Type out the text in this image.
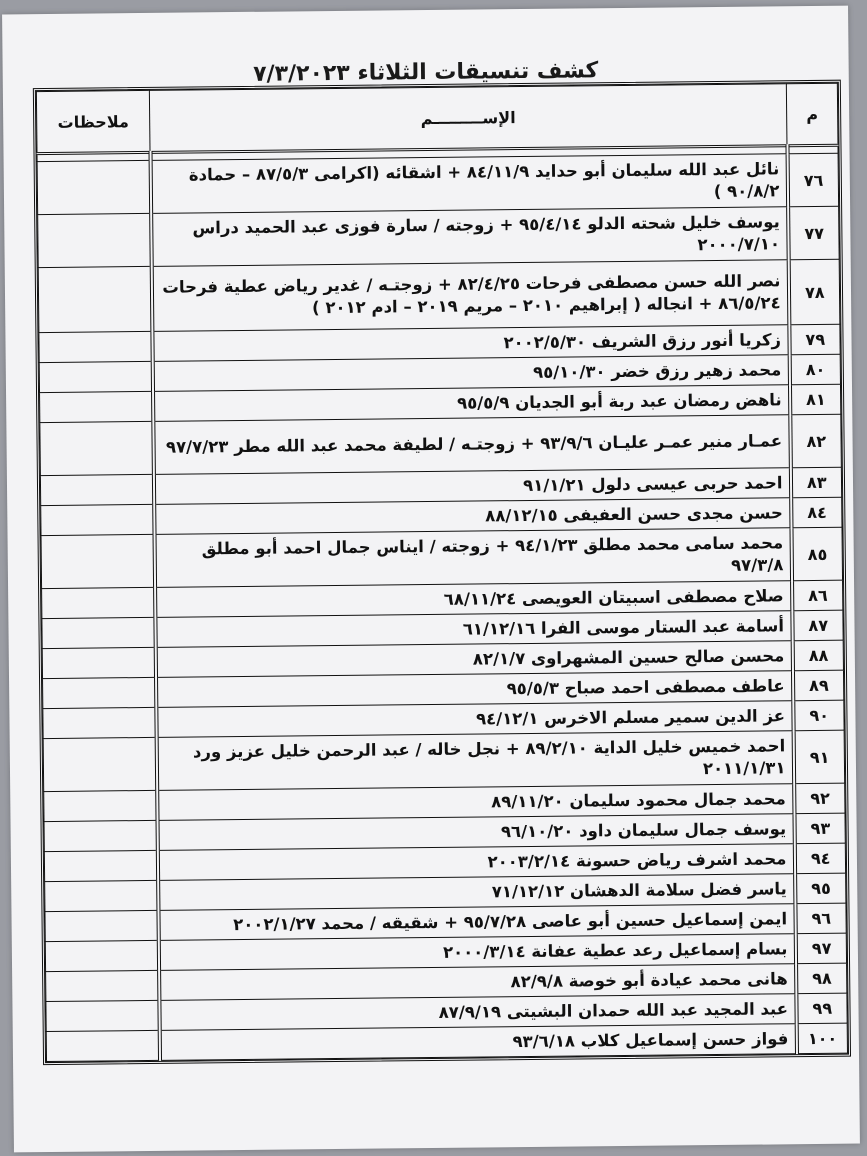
كشف تنسيقات الثلاثاء ٧/٣/٢٠٢٣
م	الإســـــــــم	ملاحظات

٧٦	نائل عبد الله سليمان أبو حدايد ٨٤/١١/٩ + اشقائه (اكرامى ٨٧/٥/٣ – حمادة ٩٠/٨/٢ )	
٧٧	يوسف خليل شحته الدلو ٩٥/٤/١٤ + زوجته / سارة فوزى عبد الحميد دراس ٢٠٠٠/٧/١٠	
٧٨	نصر الله حسن مصطفى فرحات ٨٢/٤/٢٥ + زوجتـه / غدير رياض عطية فرحات ٨٦/٥/٢٤ + انجاله ( إبراهيم ٢٠١٠ – مريم ٢٠١٩ – ادم ٢٠١٢ )	
٧٩	زكريا أنور رزق الشريف ٢٠٠٢/٥/٣٠	
٨٠	محمد زهير رزق خضر ٩٥/١٠/٣٠	
٨١	ناهض رمضان عبد ربة أبو الجديان ٩٥/٥/٩	
٨٢	عمـار منير عمـر عليـان ٩٣/٩/٦ + زوجتـه / لطيفة محمد عبد الله مطر ٩٧/٧/٢٣	
٨٣	احمد حربى عيسى دلول ٩١/١/٢١	
٨٤	حسن مجدى حسن العفيفى ٨٨/١٢/١٥	
٨٥	محمد سامى محمد مطلق ٩٤/١/٢٣ + زوجته / ايناس جمال احمد أبو مطلق ٩٧/٣/٨	
٨٦	صلاح مصطفى اسبيتان العويصى ٦٨/١١/٢٤	
٨٧	أسامة عبد الستار موسى الفرا ٦١/١٢/١٦	
٨٨	محسن صالح حسين المشهراوى ٨٢/١/٧	
٨٩	عاطف مصطفى احمد صباح ٩٥/٥/٣	
٩٠	عز الدين سمير مسلم الاخرس ٩٤/١٢/١	
٩١	احمد خميس خليل الداية ٨٩/٢/١٠ + نجل خاله / عبد الرحمن خليل عزيز ورد ٢٠١١/١/٣١	
٩٢	محمد جمال محمود سليمان ٨٩/١١/٢٠	
٩٣	يوسف جمال سليمان داود ٩٦/١٠/٢٠	
٩٤	محمد اشرف رياض حسونة ٢٠٠٣/٢/١٤	
٩٥	ياسر فضل سلامة الدهشان ٧١/١٢/١٢	
٩٦	ايمن إسماعيل حسين أبو عاصى ٩٥/٧/٢٨ + شقيقه / محمد ٢٠٠٢/١/٢٧	
٩٧	بسام إسماعيل رعد عطية عفانة ٢٠٠٠/٣/١٤	
٩٨	هانى محمد عيادة أبو خوصة ٨٢/٩/٨	
٩٩	عبد المجيد عبد الله حمدان البشيتى ٨٧/٩/١٩	
١٠٠	فواز حسن إسماعيل كلاب ٩٣/٦/١٨	
